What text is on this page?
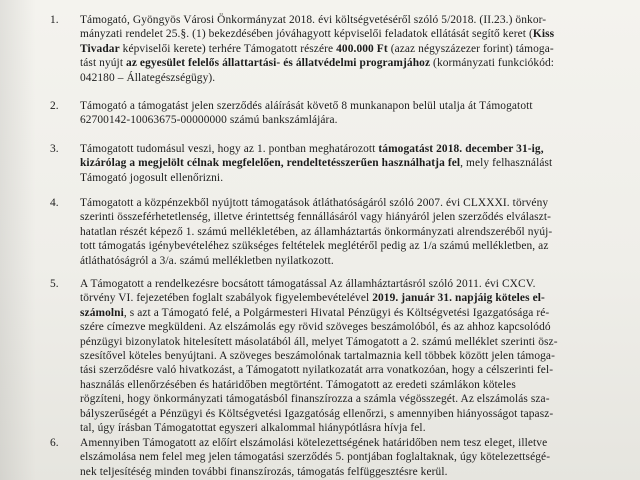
1.	Támogató, Gyöngyös Városi Önkormányzat 2018. évi költségvetéséről szóló 5/2018. (II.23.) önkor-
mányzati rendelet 25.§. (1) bekezdésében jóváhagyott képviselői feladatok ellátását segítő keret (Kiss
Tivadar képviselői kerete) terhére Támogatott részére 400.000 Ft (azaz négyszázezer forint) támoga-
tást nyújt az egyesület felelős állattartási- és állatvédelmi programjához (kormányzati funkciókód:
042180 – Állategészségügy).
2.	Támogató a támogatást jelen szerződés aláírását követő 8 munkanapon belül utalja át Támogatott
62700142-10063675-00000000 számú bankszámlájára.
3.	Támogatott tudomásul veszi, hogy az 1. pontban meghatározott támogatást 2018. december 31-ig,
kizárólag a megjelölt célnak megfelelően, rendeltetésszerűen használhatja fel, mely felhasználást
Támogató jogosult ellenőrizni.
4.	Támogatott a közpénzekből nyújtott támogatások átláthatóságáról szóló 2007. évi CLXXXI. törvény
szerinti összeférhetetlenség, illetve érintettség fennállásáról vagy hiányáról jelen szerződés elválaszt-
hatatlan részét képező 1. számú mellékletében, az államháztartás önkormányzati alrendszeréből nyúj-
tott támogatás igénybevételéhez szükséges feltételek meglétéről pedig az 1/a számú mellékletben, az
átláthatóságról a 3/a. számú mellékletben nyilatkozott.
5.	A Támogatott a rendelkezésre bocsátott támogatással Az államháztartásról szóló 2011. évi CXCV.
törvény VI. fejezetében foglalt szabályok figyelembevételével 2019. január 31. napjáig köteles el-
számolni, s azt a Támogató felé, a Polgármesteri Hivatal Pénzügyi és Költségvetési Igazgatósága ré-
szére címezve megküldeni. Az elszámolás egy rövid szöveges beszámolóból, és az ahhoz kapcsolódó
pénzügyi bizonylatok hitelesített másolatából áll, melyet Támogatott a 2. számú melléklet szerinti ösz-
szesítővel köteles benyújtani. A szöveges beszámolónak tartalmaznia kell többek között jelen támoga-
tási szerződésre való hivatkozást, a Támogatott nyilatkozatát arra vonatkozóan, hogy a célszerinti fel-
használás ellenőrzésében és határidőben megtörtént. Támogatott az eredeti számlákon köteles
rögzíteni, hogy önkormányzati támogatásból finanszírozza a számla végösszegét. Az elszámolás sza-
bályszerűségét a Pénzügyi és Költségvetési Igazgatóság ellenőrzi, s amennyiben hiányosságot tapasz-
tal, úgy írásban Támogatottat egyszeri alkalommal hiánypótlásra hívja fel.
6.	Amennyiben Támogatott az előírt elszámolási kötelezettségének határidőben nem tesz eleget, illetve
elszámolása nem felel meg jelen támogatási szerződés 5. pontjában foglaltaknak, úgy kötelezettségé-
nek teljesítéség minden további finanszírozás, támogatás felfüggesztésre kerül.
